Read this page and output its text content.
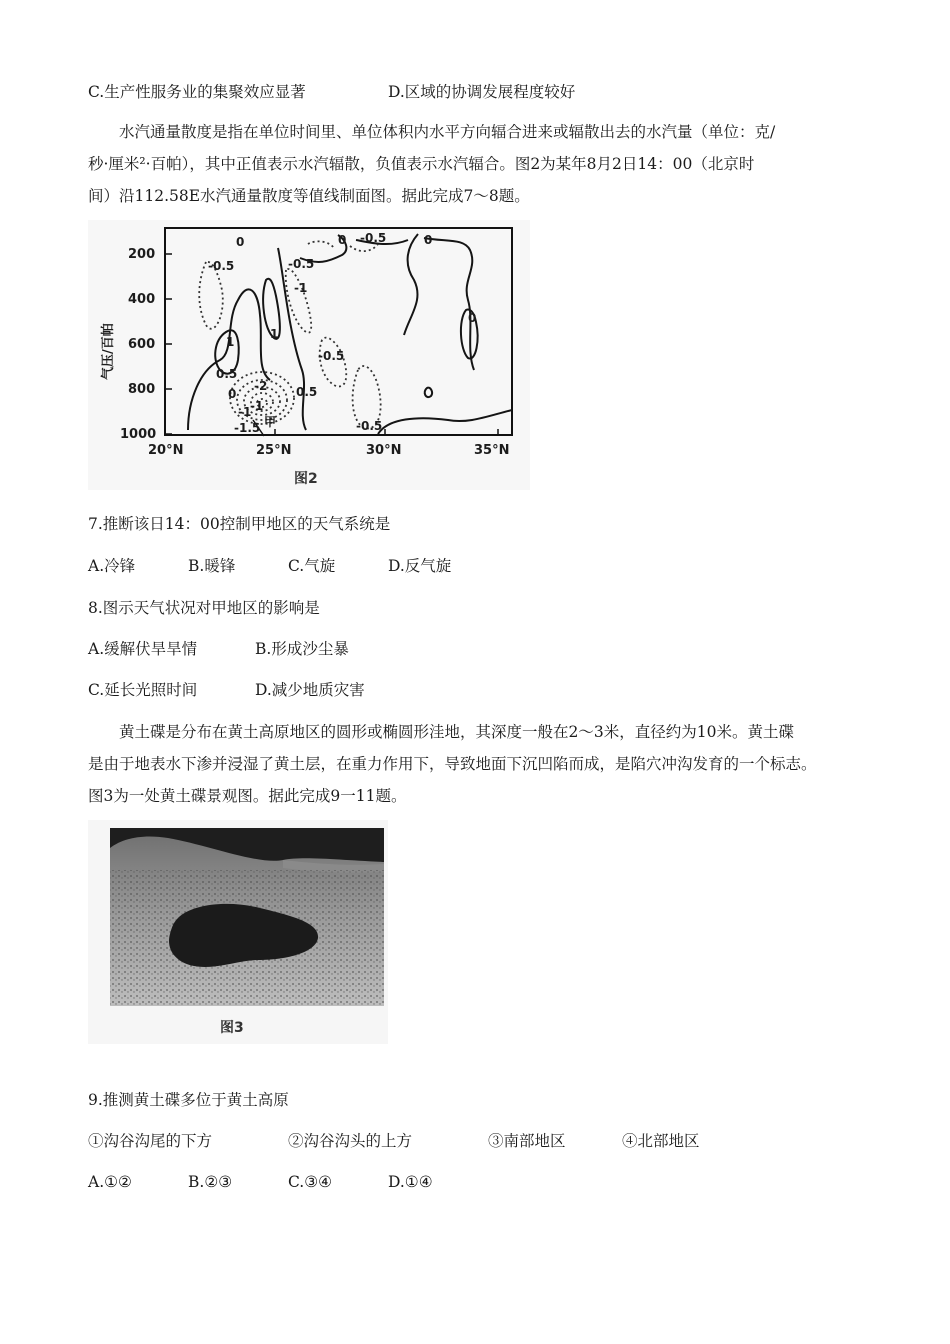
C.生产性服务业的集聚效应显著	D.区域的协调发展程度较好
水汽通量散度是指在单位时间里、单位体积内水平方向辐合进来或辐散出去的水汽量（单位：克/
秒·厘米²·百帕），其中正值表示水汽辐散，负值表示水汽辐合。图2为某年8月2日14：00（北京时
间）沿112.58E水汽通量散度等值线制面图。据此完成7～8题。
0	0	0
0
-0.5	-0.5
-0.5
-0.5
-0.5
-1
-1
1
1
0.5
0.5
0
-2
-1
-1.5 甲
200
400
600
800
1000
气压/百帕
20°N	25°N	30°N	35°N
图2
7.推断该日14：00控制甲地区的天气系统是
A.冷锋	B.暖锋	C.气旋	D.反气旋
8.图示天气状况对甲地区的影响是
A.缓解伏旱旱情	B.形成沙尘暴
C.延长光照时间	D.减少地质灾害
黄土碟是分布在黄土高原地区的圆形或椭圆形洼地，其深度一般在2～3米，直径约为10米。黄土碟
是由于地表水下渗并浸湿了黄土层，在重力作用下，导致地面下沉凹陷而成，是陷穴冲沟发育的一个标志。
图3为一处黄土碟景观图。据此完成9一11题。
图3
9.推测黄土碟多位于黄土高原
①沟谷沟尾的下方	②沟谷沟头的上方	③南部地区	④北部地区
A.①②	B.②③	C.③④	D.①④
